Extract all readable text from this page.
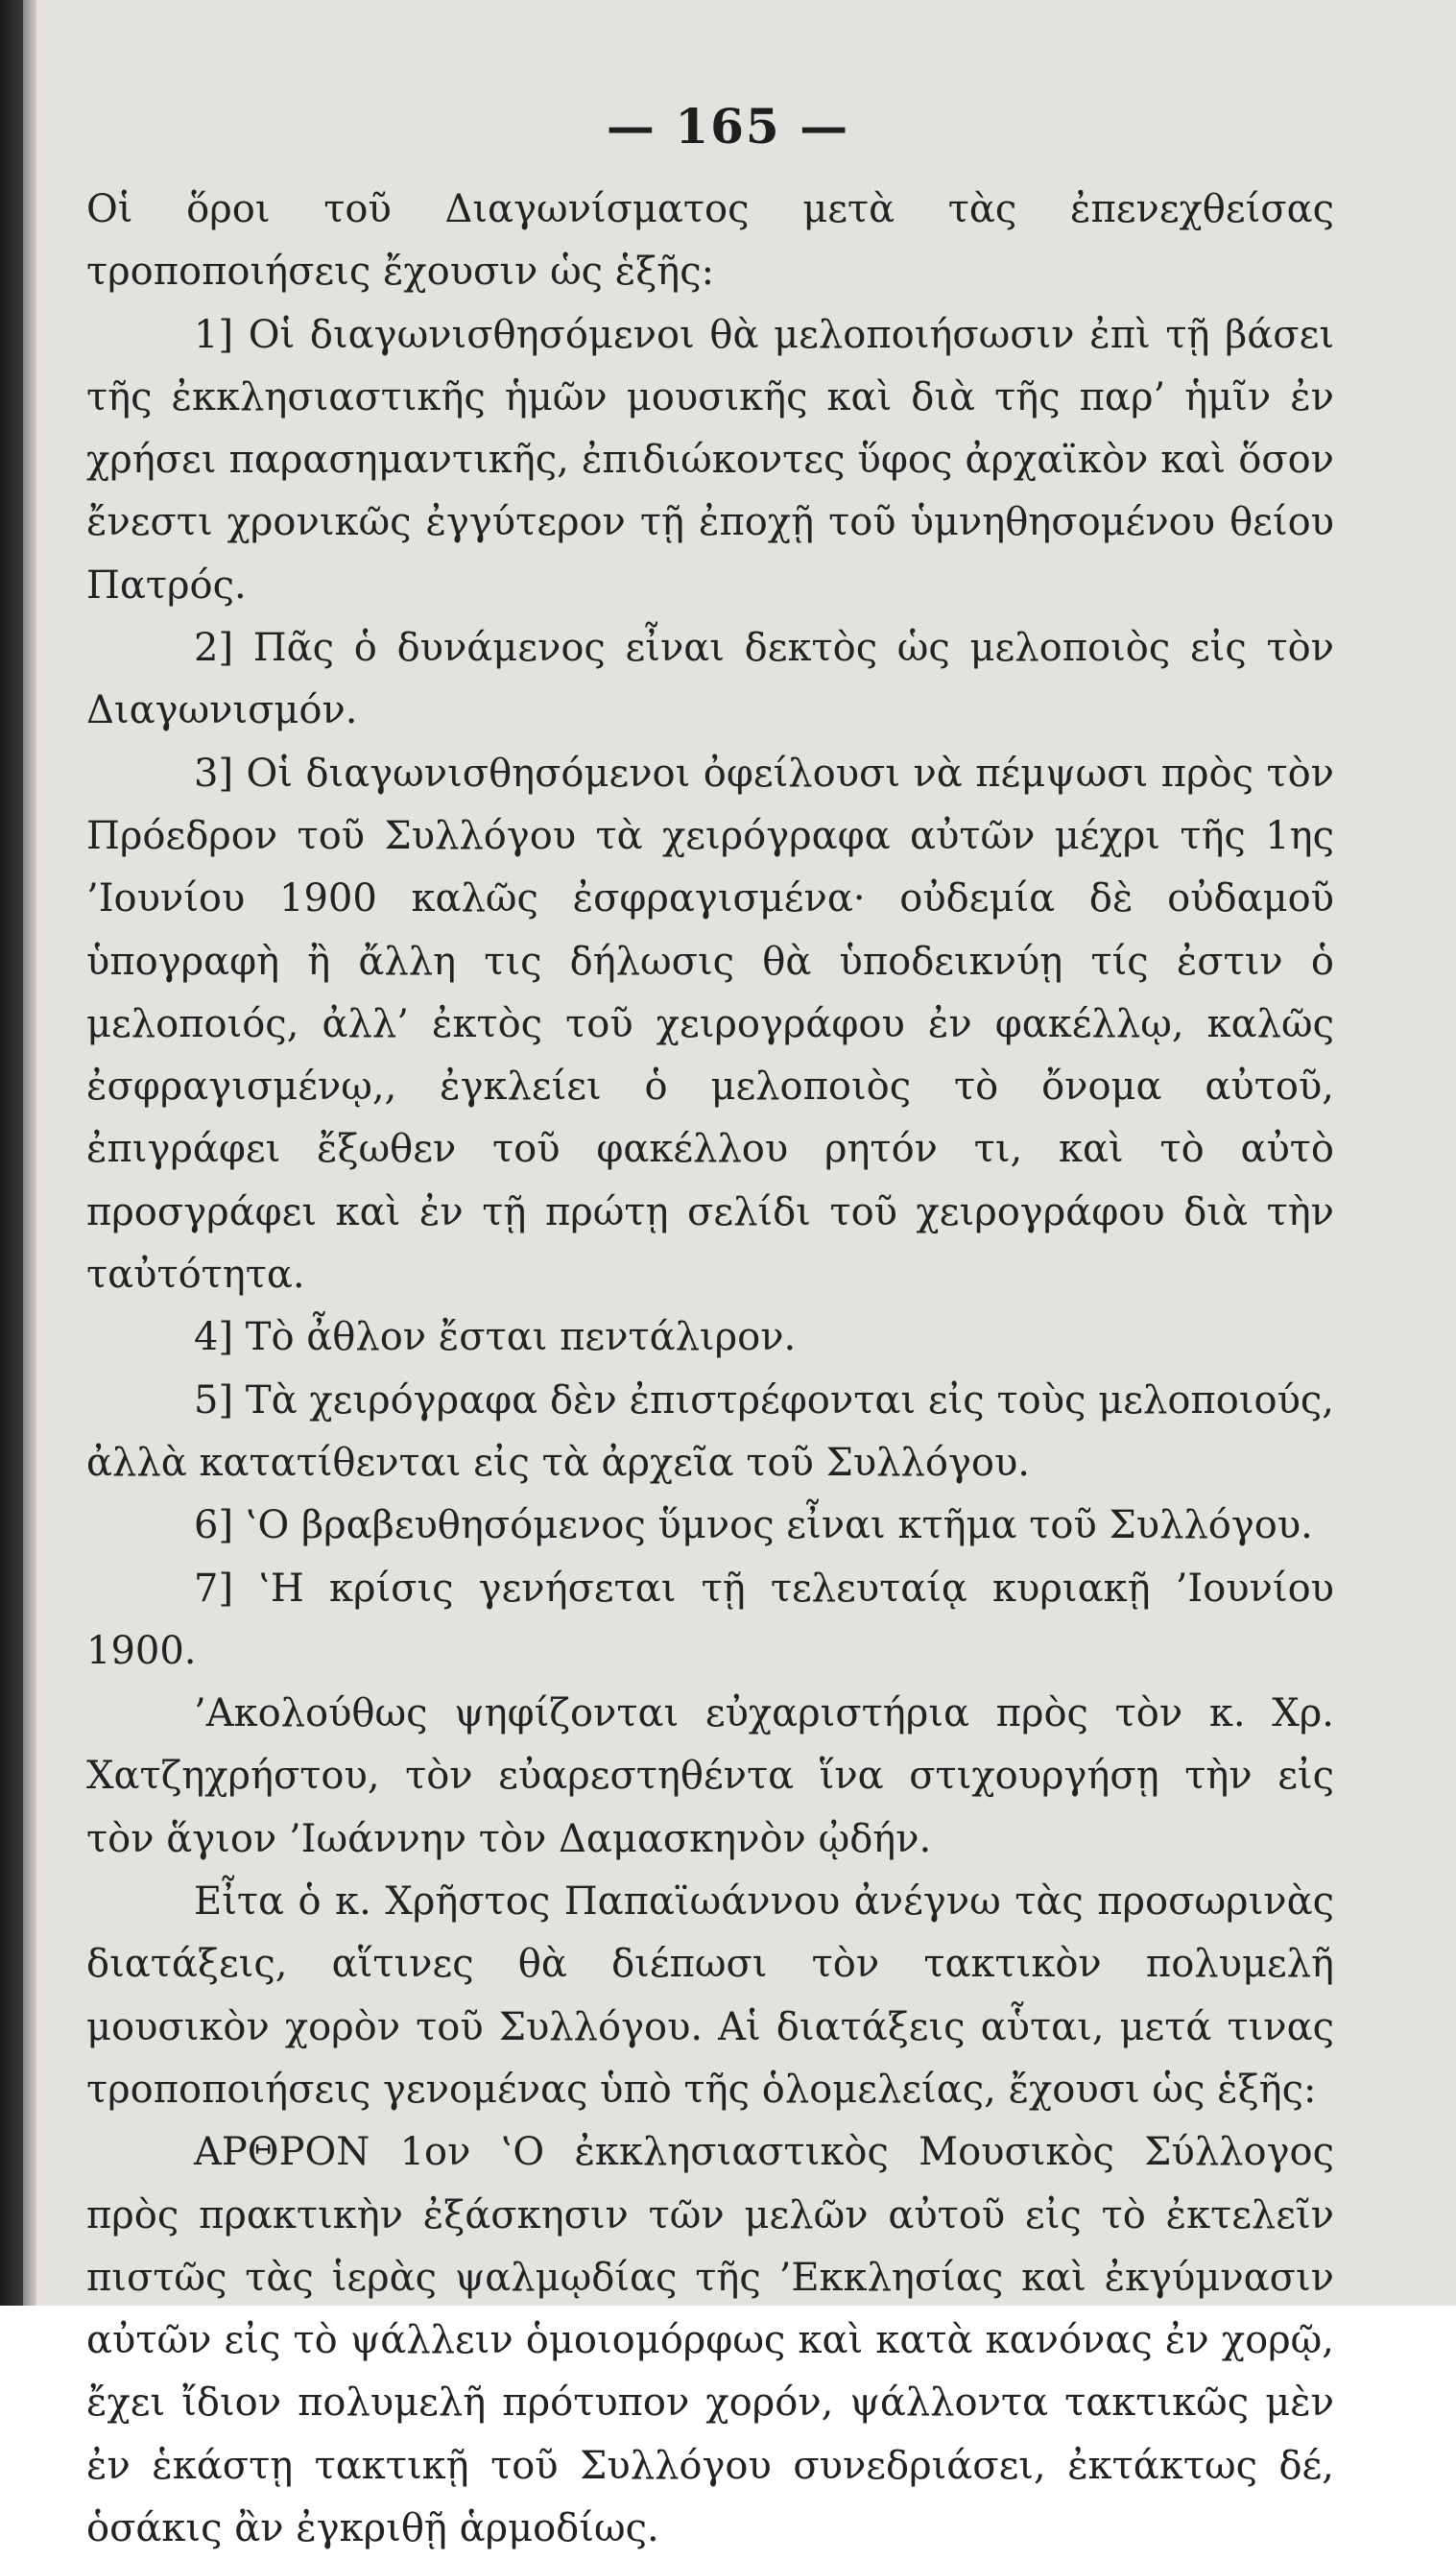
— 165 —

Οἱ ὅροι τοῦ Διαγωνίσματος μετὰ τὰς ἐπενεχθείσας τροποποιήσεις ἔχουσιν ὡς ἑξῆς:

1] Οἱ διαγωνισθησόμενοι θὰ μελοποιήσωσιν ἐπὶ τῇ βάσει τῆς ἐκκλησιαστικῆς ἡμῶν μουσικῆς καὶ διὰ τῆς παρ’ ἡμῖν ἐν χρήσει παρασημαντικῆς, ἐπιδιώκοντες ὕφος ἀρχαϊκὸν καὶ ὅσον ἔνεστι χρονικῶς ἐγγύτερον τῇ ἐποχῇ τοῦ ὑμνηθησομένου θείου Πατρός.

2] Πᾶς ὁ δυνάμενος εἶναι δεκτὸς ὡς μελοποιὸς εἰς τὸν Διαγωνισμόν.

3] Οἱ διαγωνισθησόμενοι ὀφείλουσι νὰ πέμψωσι πρὸς τὸν Πρόεδρον τοῦ Συλλόγου τὰ χειρόγραφα αὐτῶν μέχρι τῆς 1ης ’Ιουνίου 1900 καλῶς ἐσφραγισμένα· οὐδεμία δὲ οὐδαμοῦ ὑπογραφὴ ἢ ἄλλη τις δήλωσις θὰ ὑποδεικνύῃ τίς ἐστιν ὁ μελοποιός, ἀλλ’ ἐκτὸς τοῦ χειρογράφου ἐν φακέλλῳ, καλῶς ἐσφραγισμένῳ,, ἐγκλείει ὁ μελοποιὸς τὸ ὄνομα αὐτοῦ, ἐπιγράφει ἔξωθεν τοῦ φακέλλου ρητόν τι, καὶ τὸ αὐτὸ προσγράφει καὶ ἐν τῇ πρώτῃ σελίδι τοῦ χειρογράφου διὰ τὴν ταὐτότητα.

4] Τὸ ἆθλον ἔσται πεντάλιρον.

5] Τὰ χειρόγραφα δὲν ἐπιστρέφονται εἰς τοὺς μελοποιούς, ἀλλὰ κατατίθενται εἰς τὰ ἀρχεῖα τοῦ Συλλόγου.

6] ‛Ο βραβευθησόμενος ὕμνος εἶναι κτῆμα τοῦ Συλλόγου.

7] ‛Η κρίσις γενήσεται τῇ τελευταίᾳ κυριακῇ ’Ιουνίου 1900.

’Ακολούθως ψηφίζονται εὐχαριστήρια πρὸς τὸν κ. Χρ. Χατζηχρήστου, τὸν εὐαρεστηθέντα ἵνα στιχουργήσῃ τὴν εἰς τὸν ἅγιον ’Ιωάννην τὸν Δαμασκηνὸν ᾠδήν.

Εἶτα ὁ κ. Χρῆστος Παπαϊωάννου ἀνέγνω τὰς προσωρινὰς διατάξεις, αἵτινες θὰ διέπωσι τὸν τακτικὸν πολυμελῆ μουσικὸν χορὸν τοῦ Συλλόγου. Αἱ διατάξεις αὗται, μετά τινας τροποποιήσεις γενομένας ὑπὸ τῆς ὁλομελείας, ἔχουσι ὡς ἑξῆς:

ΑΡΘΡΟΝ 1ον ‛Ο ἐκκλησιαστικὸς Μουσικὸς Σύλλογος πρὸς πρακτικὴν ἐξάσκησιν τῶν μελῶν αὐτοῦ εἰς τὸ ἐκτελεῖν πιστῶς τὰς ἱερὰς ψαλμῳδίας τῆς ’Εκκλησίας καὶ ἐκγύμνασιν αὐτῶν εἰς τὸ ψάλλειν ὁμοιομόρφως καὶ κατὰ κανόνας ἐν χορῷ, ἔχει ἴδιον πολυμελῆ πρότυπον χορόν, ψάλλοντα τακτικῶς μὲν ἐν ἑκάστῃ τακτικῇ τοῦ Συλλόγου συνεδριάσει, ἐκτάκτως δέ, ὁσάκις ἂν ἐγκριθῇ ἁρμοδίως.
